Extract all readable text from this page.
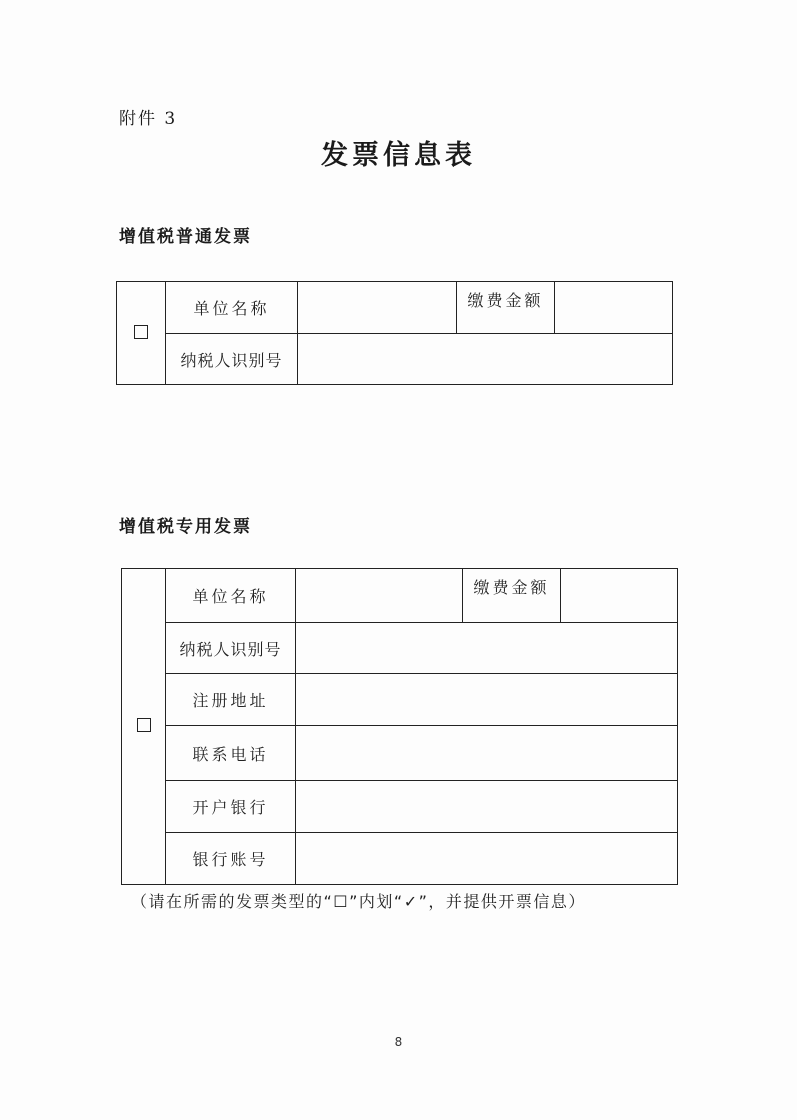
附件 3
发票信息表
增值税普通发票
	单位名称		缴费金额	
	纳税人识别号			
增值税专用发票
	单位名称		缴费金额	
	纳税人识别号			
	注册地址			
	联系电话			
	开户银行			
	银行账号			
（请在所需的发票类型的“☐”内划“✓”，并提供开票信息）
8
